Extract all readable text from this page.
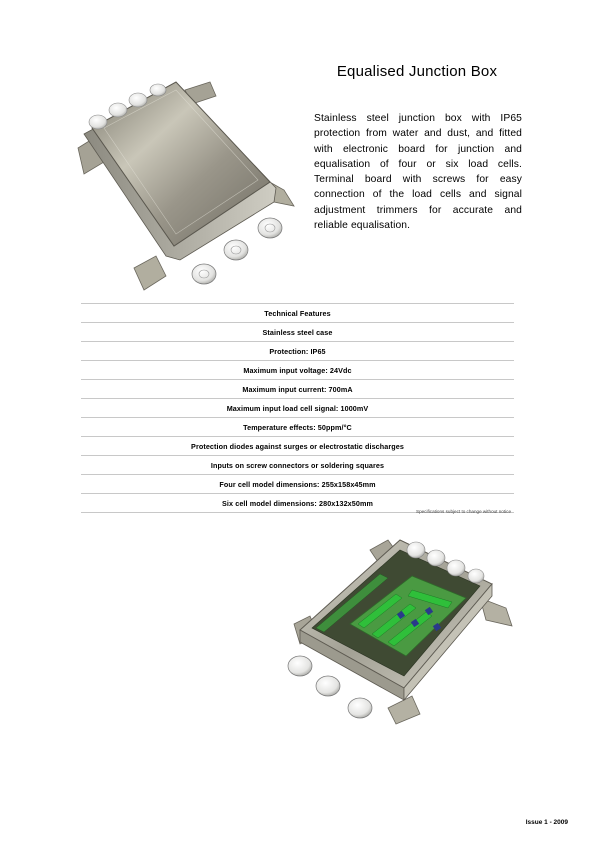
Equalised Junction Box
Stainless steel junction box with IP65 protection from water and dust, and fitted with electronic board for junction and equalisation of four or six load cells. Terminal board with screws for easy connection of the load cells and signal adjustment trimmers for accurate and reliable equalisation.
Technical Features
Stainless steel case
Protection: IP65
Maximum input voltage: 24Vdc
Maximum input current: 700mA
Maximum input load cell signal: 1000mV
Temperature effects: 50ppm/°C
Protection diodes against surges or electrostatic discharges
Inputs on screw connectors or soldering squares
Four cell model dimensions: 255x158x45mm
Six cell model dimensions: 280x132x50mm
Specifications subject to change without notice
Issue 1 - 2009
